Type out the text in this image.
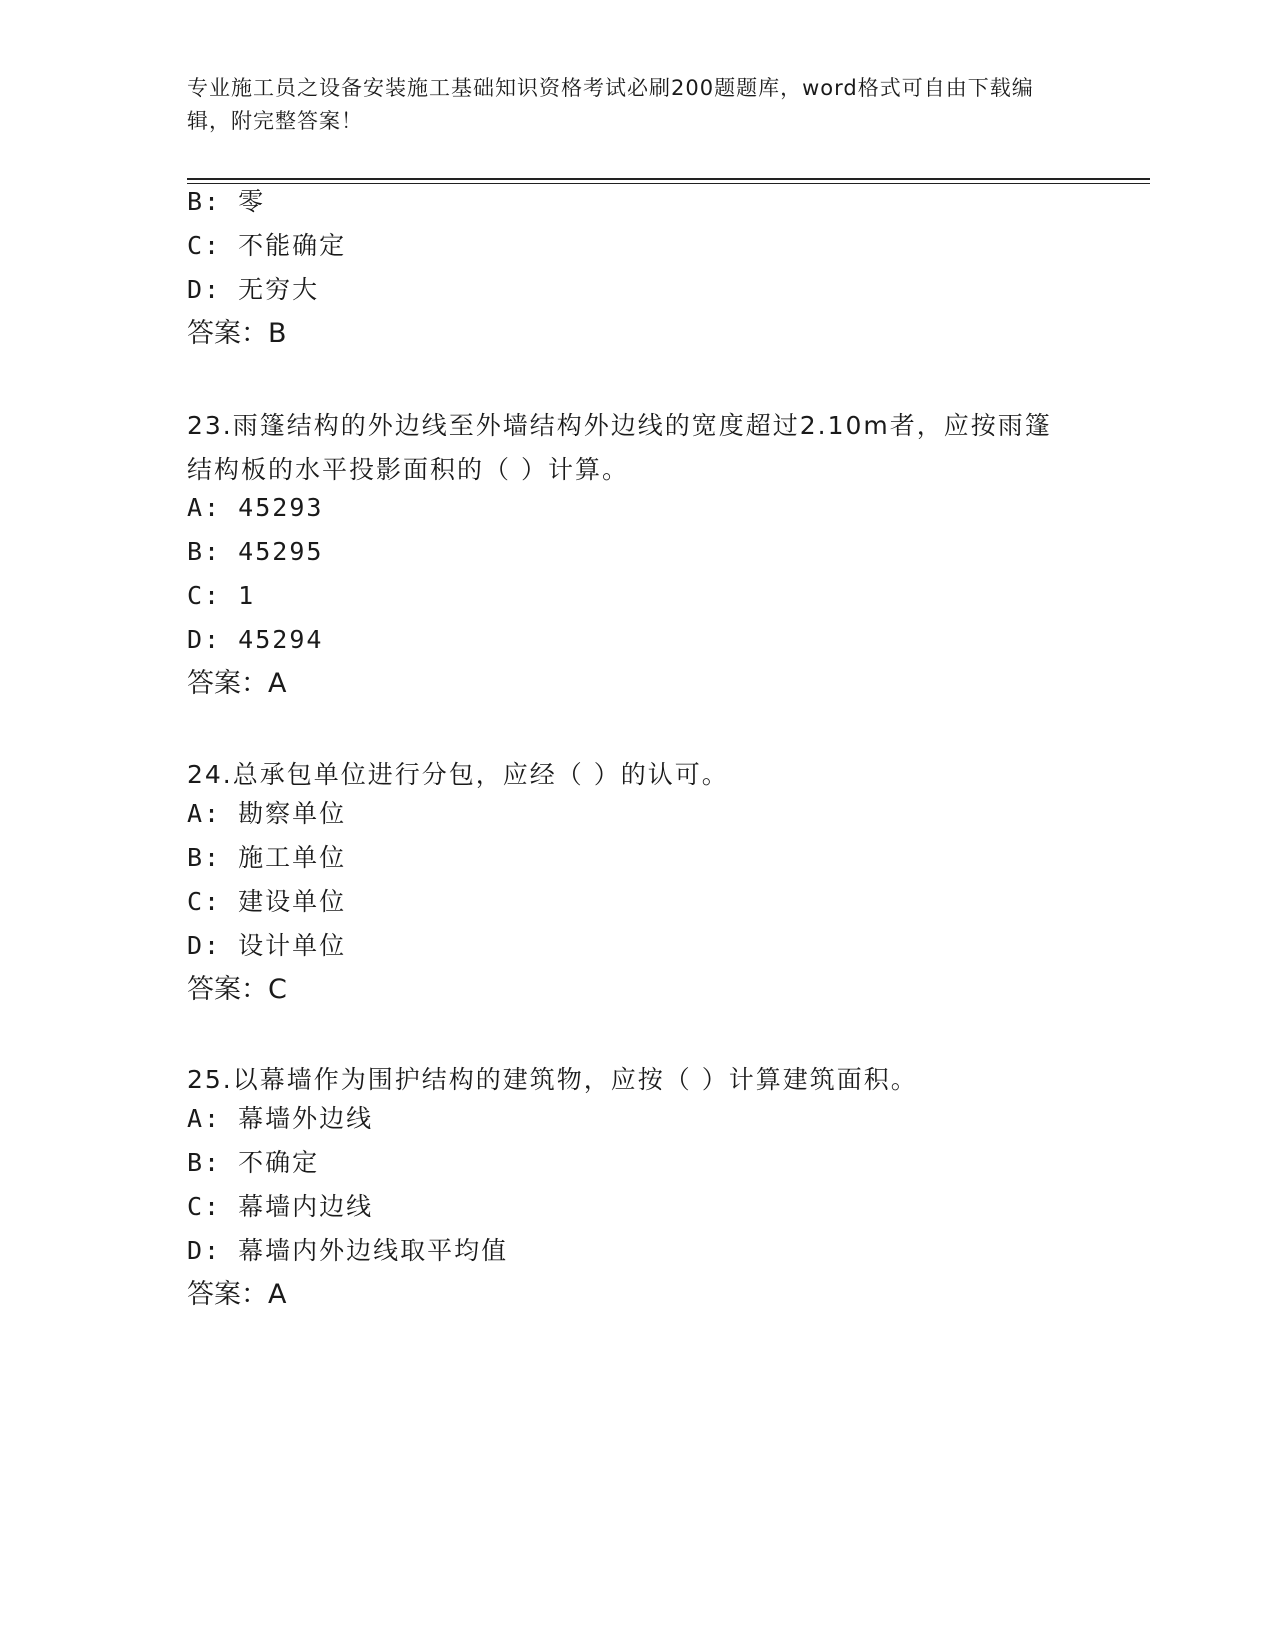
专业施工员之设备安装施工基础知识资格考试必刷200题题库，word格式可自由下载编辑，附完整答案！
B: 零
C: 不能确定
D: 无穷大
答案：B
23.雨篷结构的外边线至外墙结构外边线的宽度超过2.10m者，应按雨篷结构板的水平投影面积的（ ）计算。
A: 45293
B: 45295
C: 1
D: 45294
答案：A
24.总承包单位进行分包，应经（ ）的认可。
A: 勘察单位
B: 施工单位
C: 建设单位
D: 设计单位
答案：C
25.以幕墙作为围护结构的建筑物，应按（ ）计算建筑面积。
A: 幕墙外边线
B: 不确定
C: 幕墙内边线
D: 幕墙内外边线取平均值
答案：A
